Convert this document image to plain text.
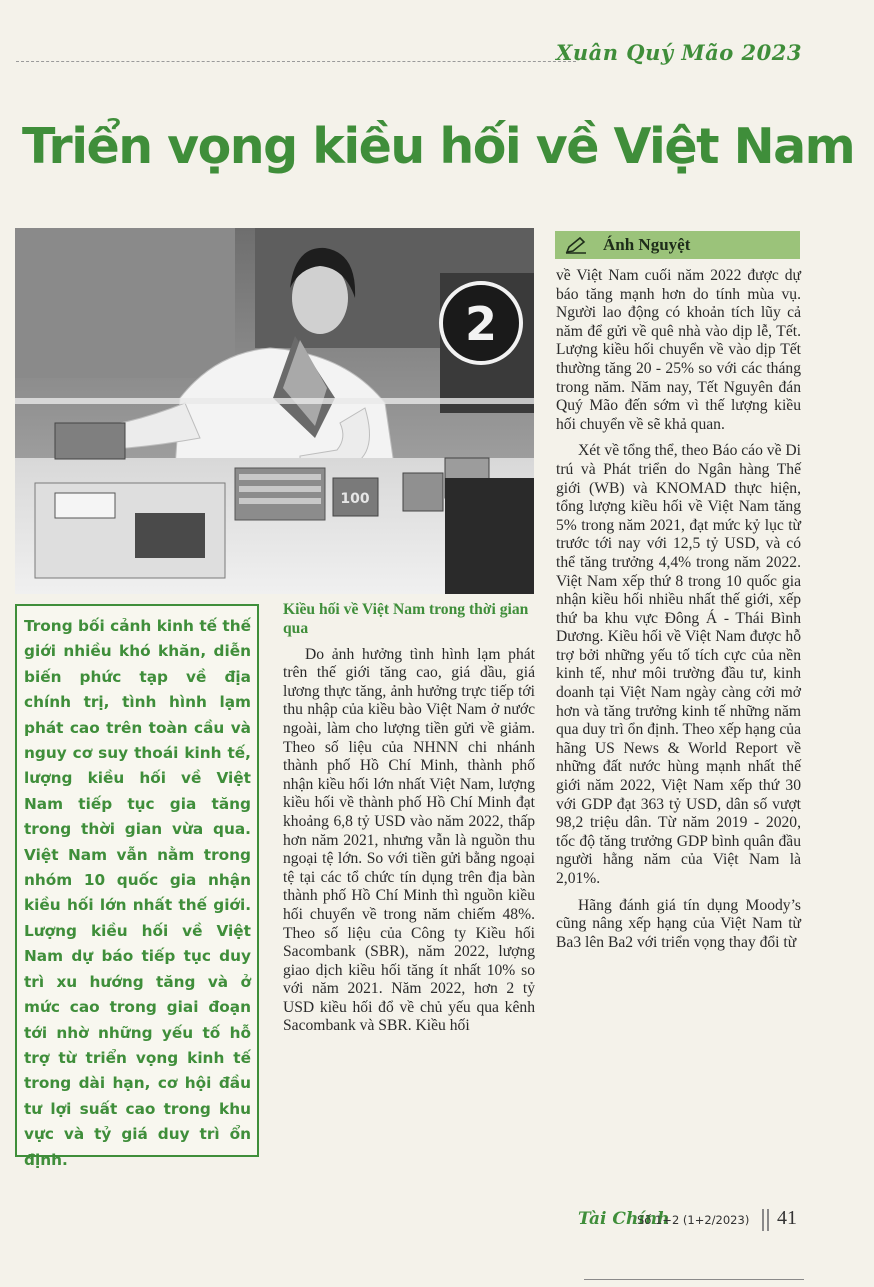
Xuân Quý Mão 2023
Triển vọng kiều hối về Việt Nam
2
100
Ánh Nguyệt

Trong bối cảnh kinh tế thế giới nhiều khó khăn, diễn biến phức tạp về địa chính trị, tình hình lạm phát cao trên toàn cầu và nguy cơ suy thoái kinh tế, lượng kiều hối về Việt Nam tiếp tục gia tăng trong thời gian vừa qua. Việt Nam vẫn nằm trong nhóm 10 quốc gia nhận kiều hối lớn nhất thế giới. Lượng kiều hối về Việt Nam dự báo tiếp tục duy trì xu hướng tăng và ở mức cao trong giai đoạn tới nhờ những yếu tố hỗ trợ từ triển vọng kinh tế trong dài hạn, cơ hội đầu tư lợi suất cao trong khu vực và tỷ giá duy trì ổn định.

Kiều hối về Việt Nam trong thời gian qua

Do ảnh hưởng tình hình lạm phát trên thế giới tăng cao, giá dầu, giá lương thực tăng, ảnh hưởng trực tiếp tới thu nhập của kiều bào Việt Nam ở nước ngoài, làm cho lượng tiền gửi về giảm. Theo số liệu của NHNN chi nhánh thành phố Hồ Chí Minh, thành phố nhận kiều hối lớn nhất Việt Nam, lượng kiều hối về thành phố Hồ Chí Minh đạt khoảng 6,8 tỷ USD vào năm 2022, thấp hơn năm 2021, nhưng vẫn là nguồn thu ngoại tệ lớn. So với tiền gửi bằng ngoại tệ tại các tổ chức tín dụng trên địa bàn thành phố Hồ Chí Minh thì nguồn kiều hối chuyển về trong năm chiếm 48%. Theo số liệu của Công ty Kiều hối Sacombank (SBR), năm 2022, lượng giao dịch kiều hối tăng ít nhất 10% so với năm 2021. Năm 2022, hơn 2 tỷ USD kiều hối đổ về chủ yếu qua kênh Sacombank và SBR. Kiều hối

về Việt Nam cuối năm 2022 được dự báo tăng mạnh hơn do tính mùa vụ. Người lao động có khoản tích lũy cả năm để gửi về quê nhà vào dịp lễ, Tết. Lượng kiều hối chuyển về vào dịp Tết thường tăng 20 - 25% so với các tháng trong năm. Năm nay, Tết Nguyên đán Quý Mão đến sớm vì thế lượng kiều hối chuyển về sẽ khả quan.

Xét về tổng thể, theo Báo cáo về Di trú và Phát triển do Ngân hàng Thế giới (WB) và KNOMAD thực hiện, tổng lượng kiều hối về Việt Nam tăng 5% trong năm 2021, đạt mức kỷ lục từ trước tới nay với 12,5 tỷ USD, và có thể tăng trưởng 4,4% trong năm 2022. Việt Nam xếp thứ 8 trong 10 quốc gia nhận kiều hối nhiều nhất thế giới, xếp thứ ba khu vực Đông Á - Thái Bình Dương. Kiều hối về Việt Nam được hỗ trợ bởi những yếu tố tích cực của nền kinh tế, như môi trường đầu tư, kinh doanh tại Việt Nam ngày càng cởi mở hơn và tăng trưởng kinh tế những năm qua duy trì ổn định. Theo xếp hạng của hãng US News & World Report về những đất nước hùng mạnh nhất thế giới năm 2022, Việt Nam xếp thứ 30 với GDP đạt 363 tỷ USD, dân số vượt 98,2 triệu dân. Từ năm 2019 - 2020, tốc độ tăng trưởng GDP bình quân đầu người hằng năm của Việt Nam là 2,01%.

Hãng đánh giá tín dụng Moody’s cũng nâng xếp hạng của Việt Nam từ Ba3 lên Ba2 với triển vọng thay đổi từ

Tài Chính
Số 1+2 (1+2/2023) 41
